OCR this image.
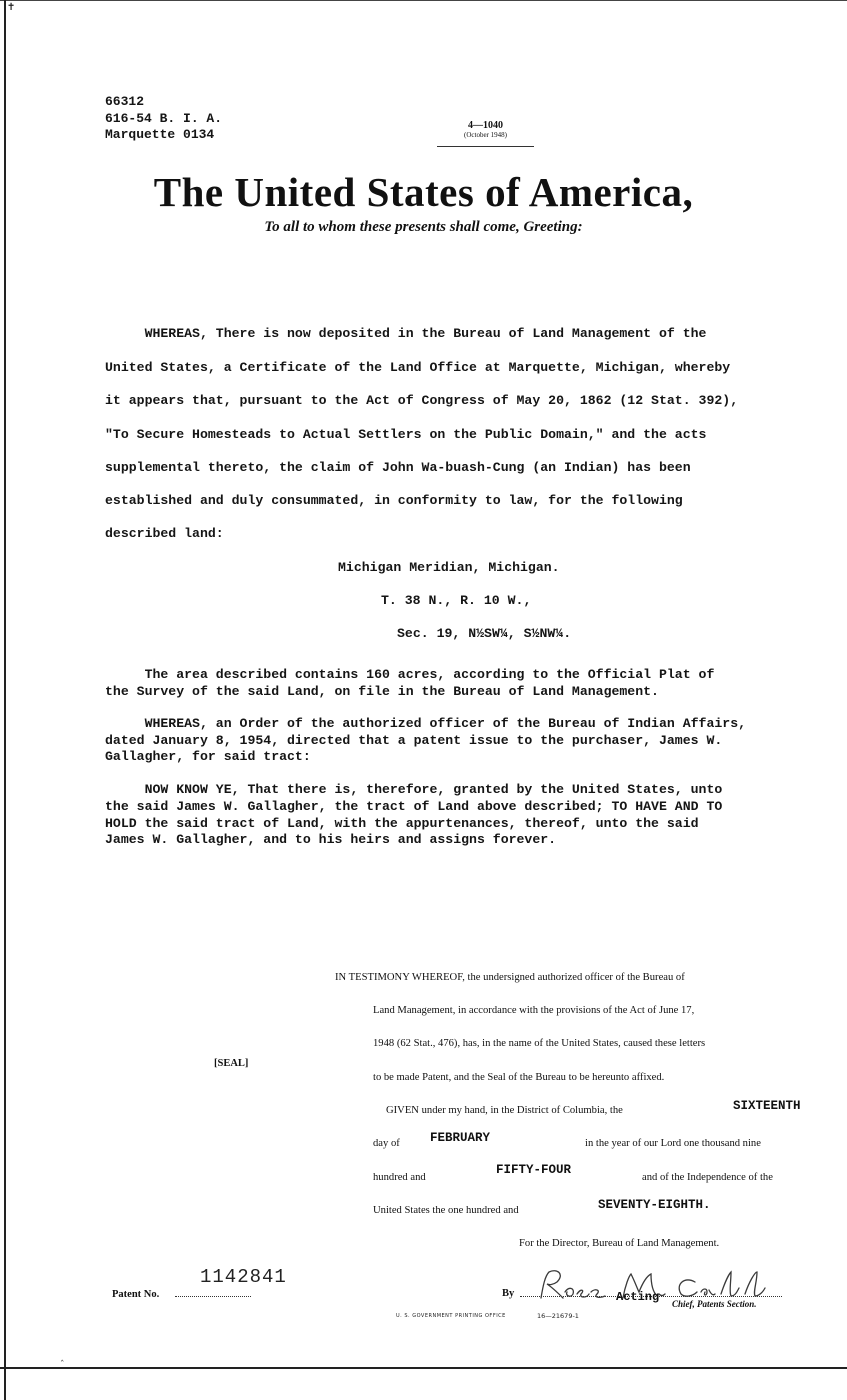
✝
66312
616-54 B. I. A.
Marquette 0134
4—1040
(October 1948)
The United States of America,
To all to whom these presents shall come, Greeting:
WHEREAS, There is now deposited in the Bureau of Land Management of the
United States, a Certificate of the Land Office at Marquette, Michigan, whereby
it appears that, pursuant to the Act of Congress of May 20, 1862 (12 Stat. 392),
"To Secure Homesteads to Actual Settlers on the Public Domain," and the acts
supplemental thereto, the claim of John Wa-buash-Cung (an Indian) has been
established and duly consummated, in conformity to law, for the following
described land:
Michigan Meridian, Michigan.
T. 38 N., R. 10 W.,
Sec. 19, N½SW¼, S½NW¼.
The area described contains 160 acres, according to the Official Plat of
the Survey of the said Land, on file in the Bureau of Land Management.
WHEREAS, an Order of the authorized officer of the Bureau of Indian Affairs,
dated January 8, 1954, directed that a patent issue to the purchaser, James W.
Gallagher, for said tract:
NOW KNOW YE, That there is, therefore, granted by the United States, unto
the said James W. Gallagher, the tract of Land above described; TO HAVE AND TO
HOLD the said tract of Land, with the appurtenances, thereof, unto the said
James W. Gallagher, and to his heirs and assigns forever.
IN TESTIMONY WHEREOF, the undersigned authorized officer of the Bureau of
Land Management, in accordance with the provisions of the Act of June 17,
1948 (62 Stat., 476), has, in the name of the United States, caused these letters
to be made Patent, and the Seal of the Bureau to be hereunto affixed.
[SEAL]
GIVEN under my hand, in the District of Columbia, the	SIXTEENTH
day of FEBRUARY	in the year of our Lord one thousand nine
hundred and
FIFTY-FOUR
and of the Independence of the
United States the one hundred and	SEVENTY-EIGHTH.
For the Director, Bureau of Land Management.
Patent No.
1142841
By	Acting Chief, Patents Section.
U. S. GOVERNMENT PRINTING OFFICE	16—21679-1
ˆ
